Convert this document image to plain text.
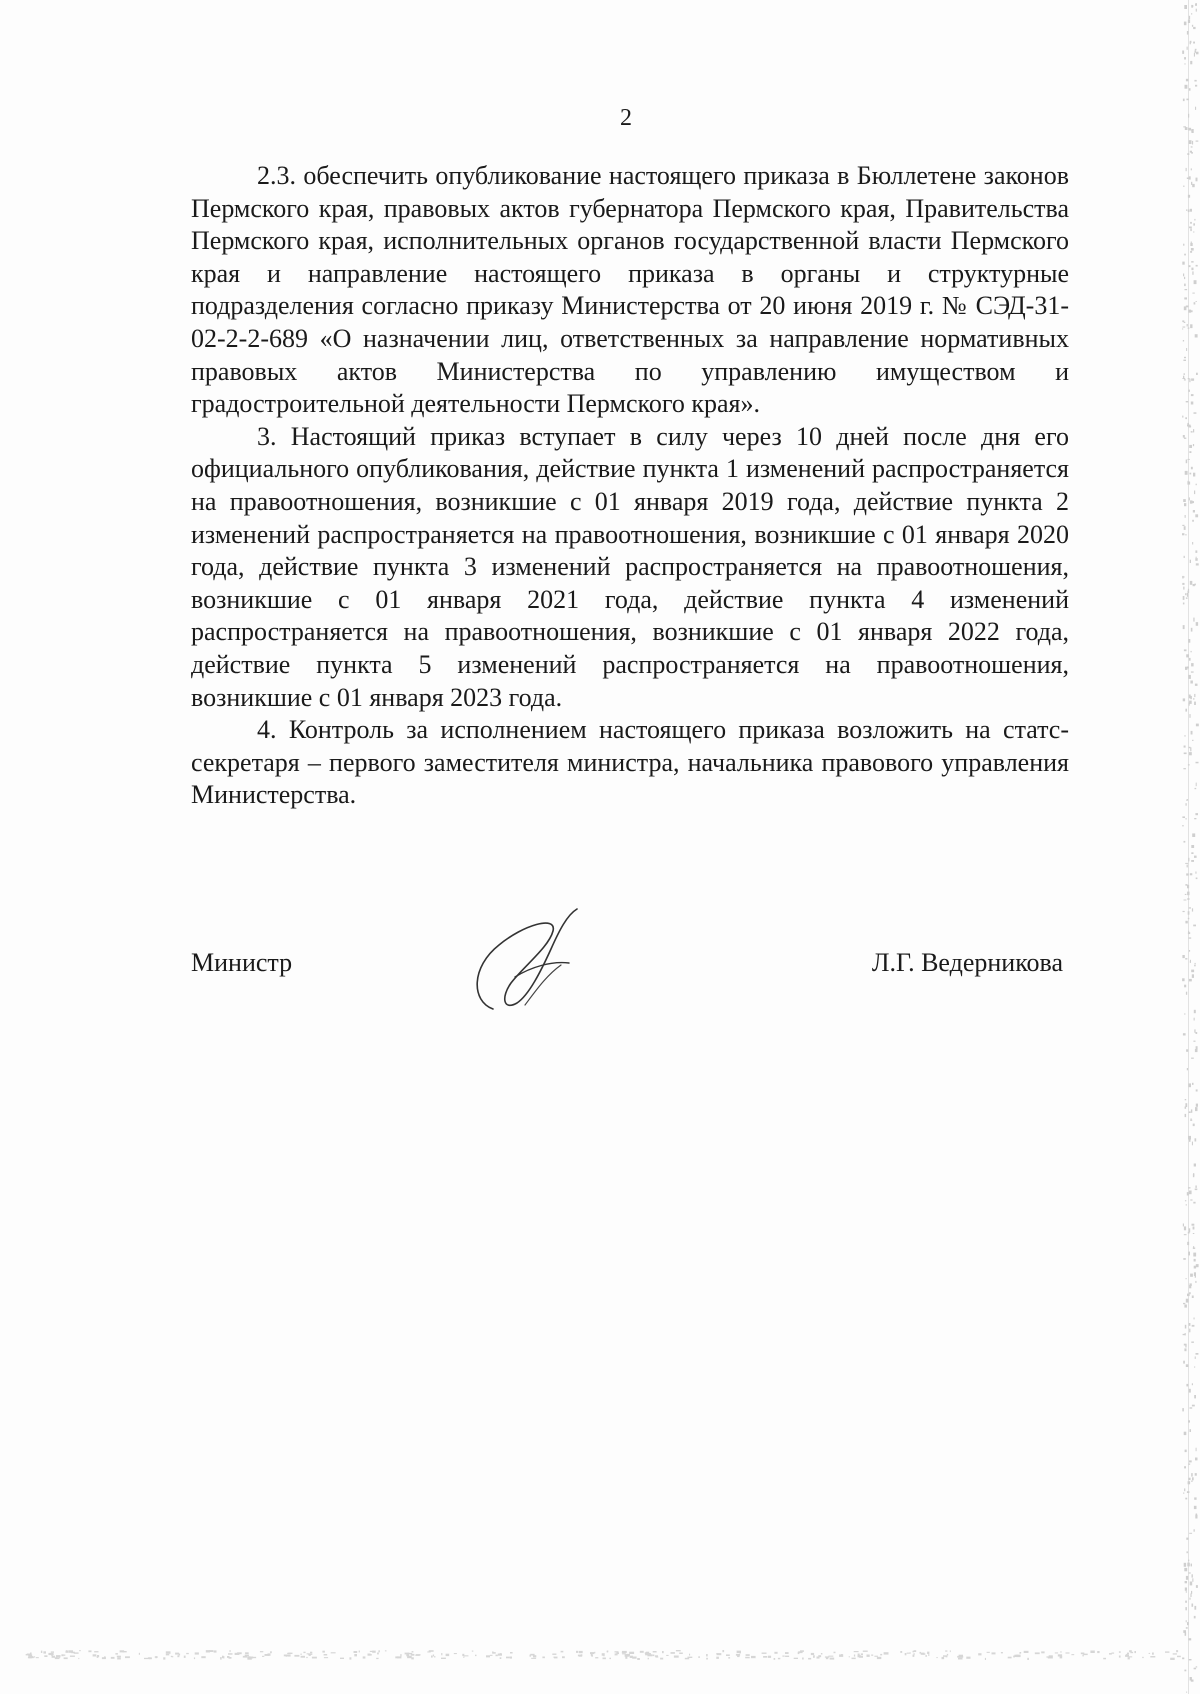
2

2.3. обеспечить опубликование настоящего приказа в Бюллетене законов Пермского края, правовых актов губернатора Пермского края, Правительства Пермского края, исполнительных органов государственной власти Пермского края и направление настоящего приказа в органы и структурные подразделения согласно приказу Министерства от 20 июня 2019 г. № СЭД-31-02-2-2-689 «О назначении лиц, ответственных за направление нормативных правовых актов Министерства по управлению имуществом и градостроительной деятельности Пермского края».

3. Настоящий приказ вступает в силу через 10 дней после дня его официального опубликования, действие пункта 1 изменений распространяется на правоотношения, возникшие с 01 января 2019 года, действие пункта 2 изменений распространяется на правоотношения, возникшие с 01 января 2020 года, действие пункта 3 изменений распространяется на правоотношения, возникшие с 01 января 2021 года, действие пункта 4 изменений распространяется на правоотношения, возникшие с 01 января 2022 года, действие пункта 5 изменений распространяется на правоотношения, возникшие с 01 января 2023 года.

4. Контроль за исполнением настоящего приказа возложить на статс-секретаря – первого заместителя министра, начальника правового управления Министерства.

Министр	Л.Г. Ведерникова
